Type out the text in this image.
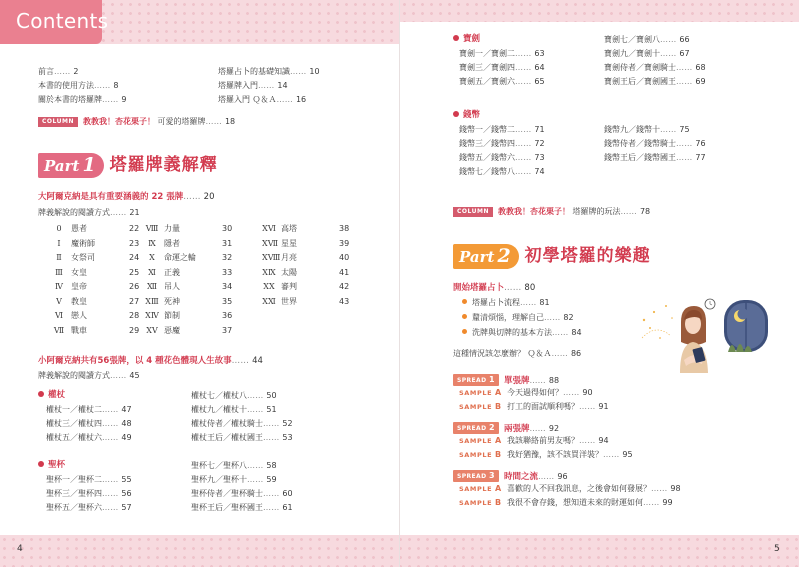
Contents
4	5
前言…… 2
本書的使用方法…… 8
關於本書的塔羅牌…… 9
塔羅占卜的基礎知識…… 10
塔羅牌入門…… 14
塔羅入門 Ｑ＆Ａ…… 16
COLUMN 教教我！杏花栗子！ 可愛的塔羅牌…… 18
Part 1 塔羅牌義解釋
大阿爾克納是具有重要涵義的 22 張牌…… 20
牌義解說的閱讀方式…… 21
0 愚者	22
Ⅰ 魔術師	23
Ⅱ 女祭司	24
Ⅲ 女皇	25
Ⅳ 皇帝	26
Ⅴ 教皇	27
Ⅵ 戀人	28
Ⅶ 戰車	29
Ⅷ 力量	30
Ⅸ 隱者	31
Ⅹ 命運之輪	32
Ⅺ 正義	33
Ⅻ 吊人	34
ⅩⅢ 死神	35
ⅩⅣ 節制	36
ⅩⅤ 惡魔	37
ⅩⅥ 高塔	38
ⅩⅦ 星星	39
ⅩⅧ月亮	40
ⅩⅨ 太陽	41
ⅩⅩ 審判	42
ⅩⅪ 世界	43
小阿爾克納共有56張牌，以 4 種花色體現人生故事…… 44
牌義解說的閱讀方式…… 45
權杖
聖杯
權杖一／權杖二…… 47
權杖三／權杖四…… 48
權杖五／權杖六…… 49
權杖七／權杖八…… 50
權杖九／權杖十…… 51
權杖侍者／權杖騎士…… 52
權杖王后／權杖國王…… 53
聖杯一／聖杯二…… 55
聖杯三／聖杯四…… 56
聖杯五／聖杯六…… 57
聖杯七／聖杯八…… 58
聖杯九／聖杯十…… 59
聖杯侍者／聖杯騎士…… 60
聖杯王后／聖杯國王…… 61
寶劍
錢幣
寶劍一／寶劍二…… 63
寶劍三／寶劍四…… 64
寶劍五／寶劍六…… 65
寶劍七／寶劍八…… 66
寶劍九／寶劍十…… 67
寶劍侍者／寶劍騎士…… 68
寶劍王后／寶劍國王…… 69
錢幣一／錢幣二…… 71
錢幣三／錢幣四…… 72
錢幣五／錢幣六…… 73
錢幣七／錢幣八…… 74
錢幣九／錢幣十…… 75
錢幣侍者／錢幣騎士…… 76
錢幣王后／錢幣國王…… 77
COLUMN 教教我！杏花栗子！ 塔羅牌的玩法…… 78
Part 2 初學塔羅的樂趣
開始塔羅占卜…… 80
塔羅占卜流程…… 81
釐清煩惱，理解自己…… 82
洗牌與切牌的基本方法…… 84
這種情況該怎麼辦？ Ｑ＆Ａ…… 86
SPREAD 1 單張牌…… 88
SAMPLE A 今天過得如何？…… 90
SAMPLE B 打工的面試順利嗎？…… 91
SPREAD 2 兩張牌…… 92
SAMPLE A 我該聯絡前男友嗎？…… 94
SAMPLE B 我好猶豫，該不該買洋裝？…… 95
SPREAD 3 時間之流…… 96
SAMPLE A 喜歡的人不回我訊息，之後會如何發展？…… 98
SAMPLE B 我很不會存錢，想知道未來的財運如何…… 99
